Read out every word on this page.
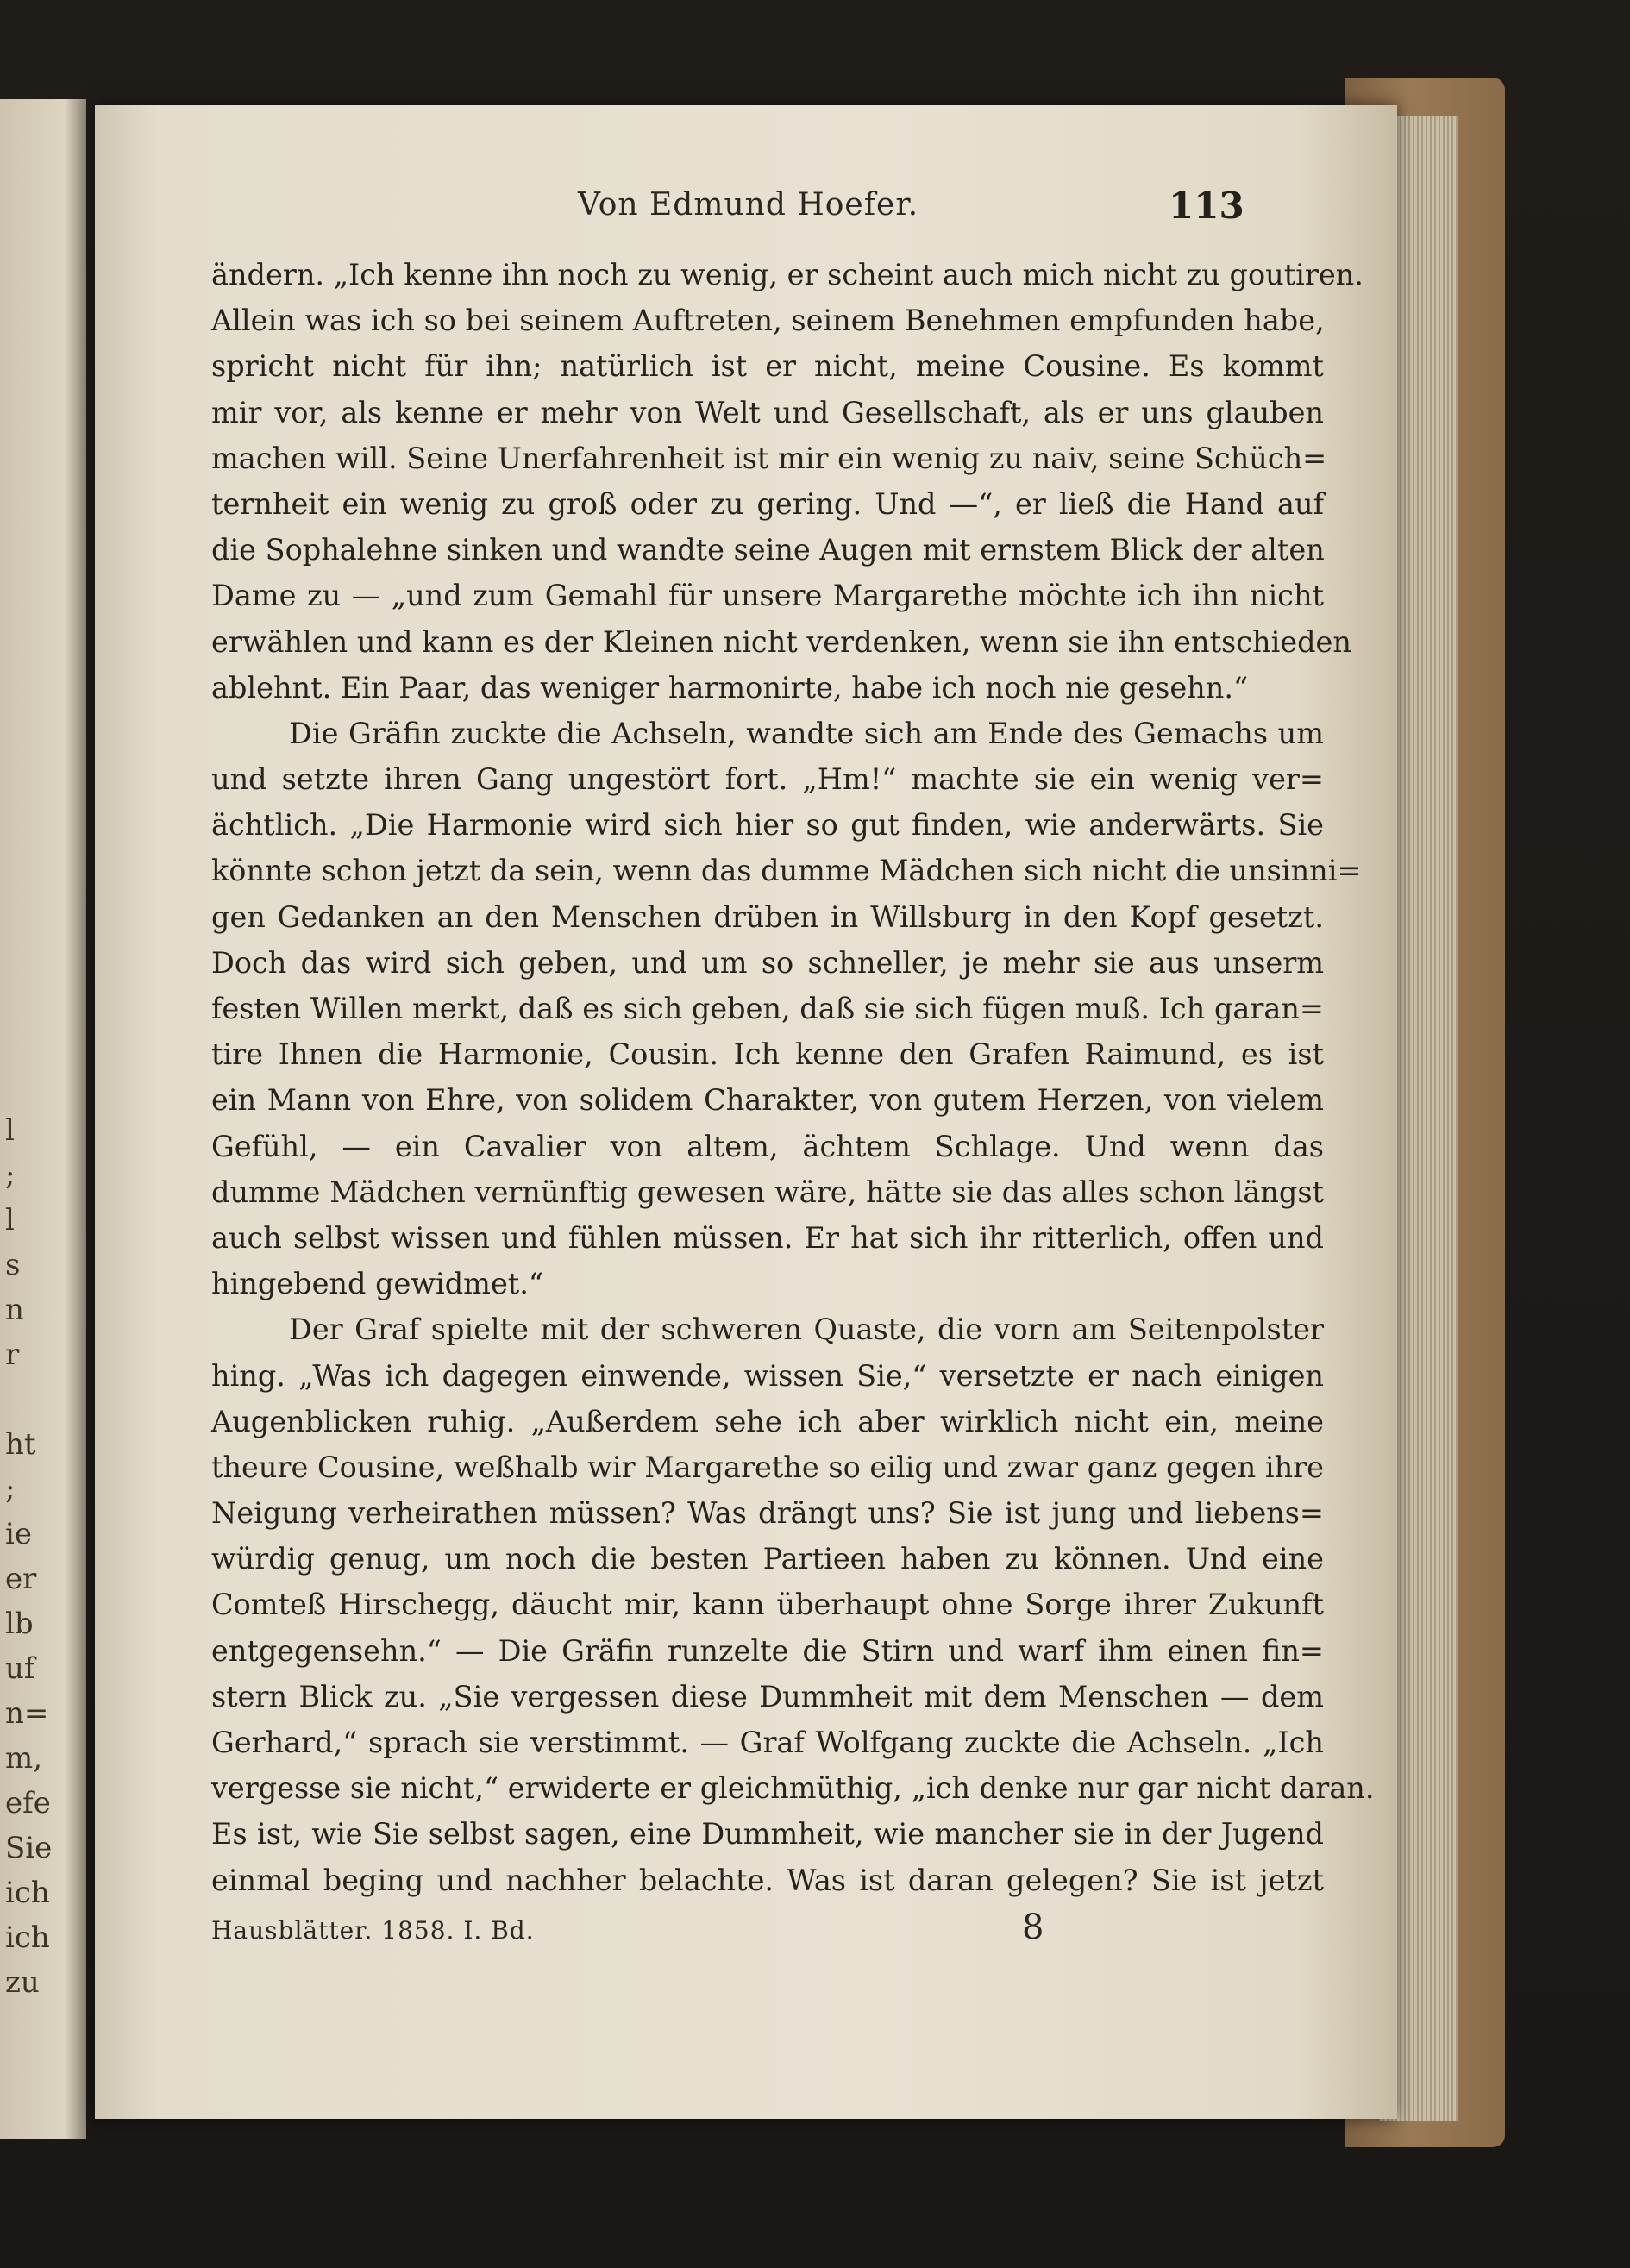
l
;
l
s
n
r
ht
;
ie
er
lb
uf
n=
m,
efe
Sie
ich
ich
zu
Von Edmund Hoefer.	113
ändern. „Ich kenne ihn noch zu wenig, er scheint auch mich nicht zu goutiren.
Allein was ich so bei seinem Auftreten, seinem Benehmen empfunden habe,
spricht nicht für ihn; natürlich ist er nicht, meine Cousine. Es kommt
mir vor, als kenne er mehr von Welt und Gesellschaft, als er uns glauben
machen will. Seine Unerfahrenheit ist mir ein wenig zu naiv, seine Schüch=
ternheit ein wenig zu groß oder zu gering. Und —“, er ließ die Hand auf
die Sophalehne sinken und wandte seine Augen mit ernstem Blick der alten
Dame zu — „und zum Gemahl für unsere Margarethe möchte ich ihn nicht
erwählen und kann es der Kleinen nicht verdenken, wenn sie ihn entschieden
ablehnt. Ein Paar, das weniger harmonirte, habe ich noch nie gesehn.“
Die Gräfin zuckte die Achseln, wandte sich am Ende des Gemachs um
und setzte ihren Gang ungestört fort. „Hm!“ machte sie ein wenig ver=
ächtlich. „Die Harmonie wird sich hier so gut finden, wie anderwärts. Sie
könnte schon jetzt da sein, wenn das dumme Mädchen sich nicht die unsinni=
gen Gedanken an den Menschen drüben in Willsburg in den Kopf gesetzt.
Doch das wird sich geben, und um so schneller, je mehr sie aus unserm
festen Willen merkt, daß es sich geben, daß sie sich fügen muß. Ich garan=
tire Ihnen die Harmonie, Cousin. Ich kenne den Grafen Raimund, es ist
ein Mann von Ehre, von solidem Charakter, von gutem Herzen, von vielem
Gefühl, — ein Cavalier von altem, ächtem Schlage. Und wenn das
dumme Mädchen vernünftig gewesen wäre, hätte sie das alles schon längst
auch selbst wissen und fühlen müssen. Er hat sich ihr ritterlich, offen und
hingebend gewidmet.“
Der Graf spielte mit der schweren Quaste, die vorn am Seitenpolster
hing. „Was ich dagegen einwende, wissen Sie,“ versetzte er nach einigen
Augenblicken ruhig. „Außerdem sehe ich aber wirklich nicht ein, meine
theure Cousine, weßhalb wir Margarethe so eilig und zwar ganz gegen ihre
Neigung verheirathen müssen? Was drängt uns? Sie ist jung und liebens=
würdig genug, um noch die besten Partieen haben zu können. Und eine
Comteß Hirschegg, däucht mir, kann überhaupt ohne Sorge ihrer Zukunft
entgegensehn.“ — Die Gräfin runzelte die Stirn und warf ihm einen fin=
stern Blick zu. „Sie vergessen diese Dummheit mit dem Menschen — dem
Gerhard,“ sprach sie verstimmt. — Graf Wolfgang zuckte die Achseln. „Ich
vergesse sie nicht,“ erwiderte er gleichmüthig, „ich denke nur gar nicht daran.
Es ist, wie Sie selbst sagen, eine Dummheit, wie mancher sie in der Jugend
einmal beging und nachher belachte. Was ist daran gelegen? Sie ist jetzt
Hausblätter. 1858. I. Bd.	8
